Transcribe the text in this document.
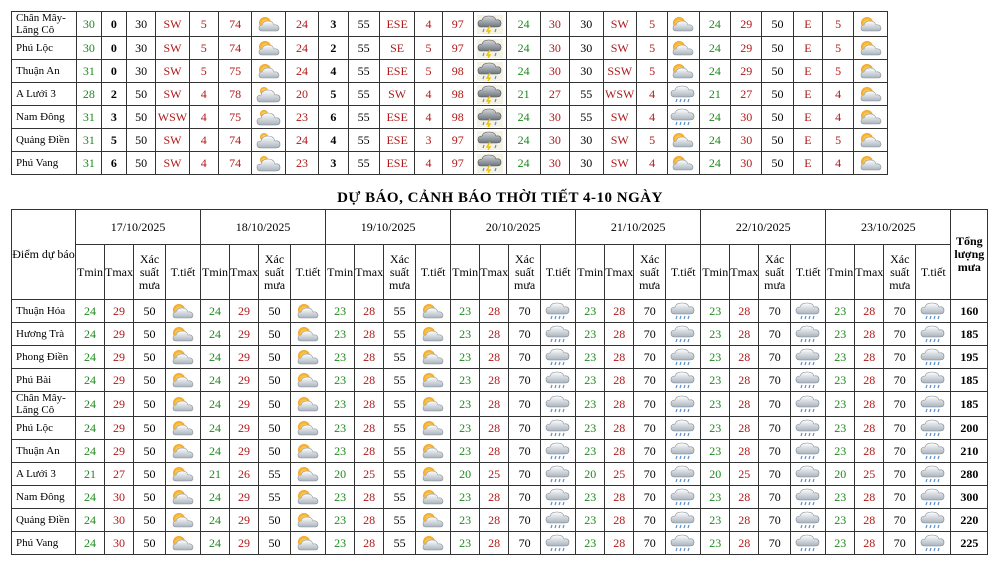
Chân Mây-Lăng Cô	30	0	30	SW	5	74		24	3	55	ESE	4	97		24	30	30	SW	5		24	29	50	E	5	

Phú Lộc	30	0	30	SW	5	74		24	2	55	SE	5	97		24	30	30	SW	5		24	29	50	E	5	

Thuận An	31	0	30	SW	5	75		24	4	55	ESE	5	98		24	30	30	SSW	5		24	29	50	E	5	

A Lưới 3	28	2	50	SW	4	78		20	5	55	SW	4	98		21	27	55	WSW	4		21	27	50	E	4	

Nam Đông	31	3	50	WSW	4	75		23	6	55	ESE	4	98		24	30	55	SW	4		24	30	50	E	4	

Quảng Điền	31	5	50	SW	4	74		24	4	55	ESE	3	97		24	30	30	SW	5		24	30	50	E	5	

Phú Vang	31	6	50	SW	4	74		23	3	55	ESE	4	97		24	30	30	SW	4		24	30	50	E	4	
DỰ BÁO, CẢNH BÁO THỜI TIẾT 4-10 NGÀY
Điểm dự báo	17/10/2025				18/10/2025				19/10/2025				20/10/2025				21/10/2025				22/10/2025				23/10/2025				Tổng lượng mưa
	Tmin	Tmax	Xác suất mưa	T.tiết	Tmin	Tmax	Xác suất mưa	T.tiết	Tmin	Tmax	Xác suất mưa	T.tiết	Tmin	Tmax	Xác suất mưa	T.tiết	Tmin	Tmax	Xác suất mưa	T.tiết	Tmin	Tmax	Xác suất mưa	T.tiết	Tmin	Tmax	Xác suất mưa	T.tiết	
Thuận Hóa	24	29	50		24	29	50		23	28	55		23	28	70		23	28	70		23	28	70		23	28	70		160
Hương Trà	24	29	50		24	29	50		23	28	55		23	28	70		23	28	70		23	28	70		23	28	70		185
Phong Điền	24	29	50		24	29	50		23	28	55		23	28	70		23	28	70		23	28	70		23	28	70		195
Phú Bài	24	29	50		24	29	50		23	28	55		23	28	70		23	28	70		23	28	70		23	28	70		185
Chân Mây-Lăng Cô	24	29	50		24	29	50		23	28	55		23	28	70		23	28	70		23	28	70		23	28	70		185
Phú Lộc	24	29	50		24	29	50		23	28	55		23	28	70		23	28	70		23	28	70		23	28	70		200
Thuận An	24	29	50		24	29	50		23	28	55		23	28	70		23	28	70		23	28	70		23	28	70		210
A Lưới 3	21	27	50		21	26	55		20	25	55		20	25	70		20	25	70		20	25	70		20	25	70		280
Nam Đông	24	30	50		24	29	55		23	28	55		23	28	70		23	28	70		23	28	70		23	28	70		300
Quảng Điền	24	30	50		24	29	50		23	28	55		23	28	70		23	28	70		23	28	70		23	28	70		220
Phú Vang	24	30	50		24	29	50		23	28	55		23	28	70		23	28	70		23	28	70		23	28	70		225
